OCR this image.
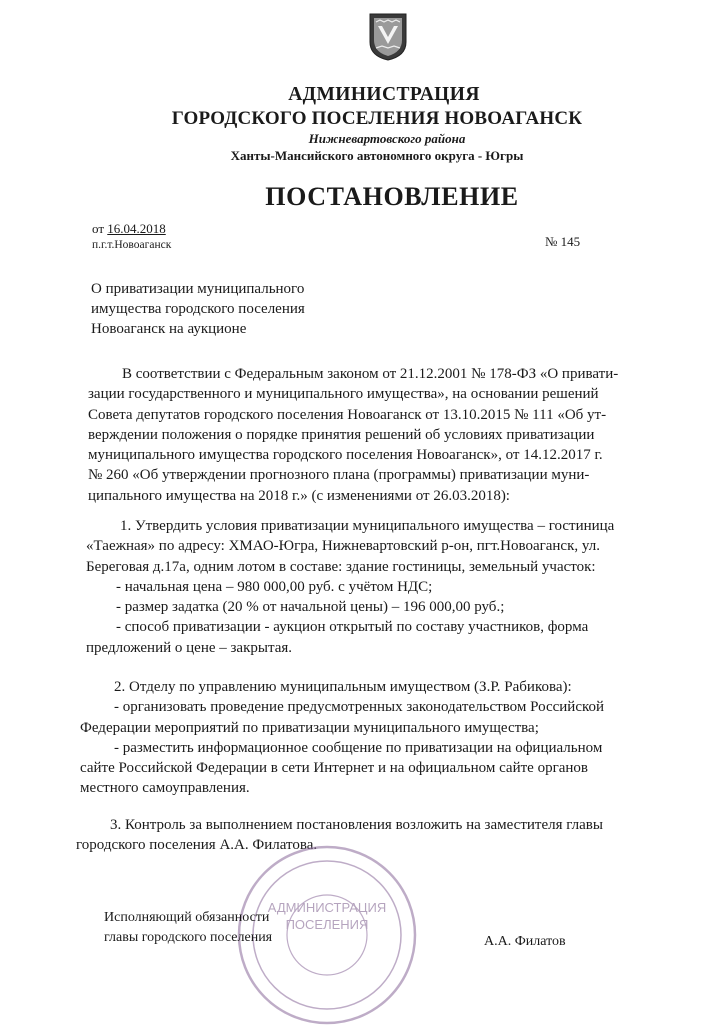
АДМИНИСТРАЦИЯ
ГОРОДСКОГО ПОСЕЛЕНИЯ НОВОАГАНСК
Нижневартовского района
Ханты-Мансийского автономного округа - Югры
ПОСТАНОВЛЕНИЕ
от 16.04.2018
п.г.т.Новоаганск	№ 145
О приватизации муниципального
имущества городского поселения
Новоаганск на аукционе
В соответствии с Федеральным законом от 21.12.2001 № 178-ФЗ «О привати-
зации государственного и муниципального имущества», на основании решений
Совета депутатов городского поселения Новоаганск от 13.10.2015 № 111 «Об ут-
верждении положения о порядке принятия решений об условиях приватизации
муниципального имущества городского поселения Новоаганск», от 14.12.2017 г.
№ 260 «Об утверждении прогнозного плана (программы) приватизации муни-
ципального имущества на 2018 г.» (с изменениями от 26.03.2018):
1. Утвердить условия приватизации муниципального имущества – гостиница
«Таежная» по адресу: ХМАО-Югра, Нижневартовский р-он, пгт.Новоаганск, ул.
Береговая д.17а, одним лотом в составе: здание гостиницы, земельный участок:
- начальная цена – 980 000,00 руб. с учётом НДС;
- размер задатка (20 % от начальной цены) – 196 000,00 руб.;
- способ приватизации - аукцион открытый по составу участников, форма
предложений о цене – закрытая.
2. Отделу по управлению муниципальным имуществом (З.Р. Рабикова):
- организовать проведение предусмотренных законодательством Российской
Федерации мероприятий по приватизации муниципального имущества;
- разместить информационное сообщение по приватизации на официальном
сайте Российской Федерации в сети Интернет и на официальном сайте органов
местного самоуправления.
3. Контроль за выполнением постановления возложить на заместителя главы
городского поселения А.А. Филатова.
АДМИНИСТРАЦИЯ
ПОСЕЛЕНИЯ
Исполняющий обязанности
главы городского поселения	А.А. Филатов
